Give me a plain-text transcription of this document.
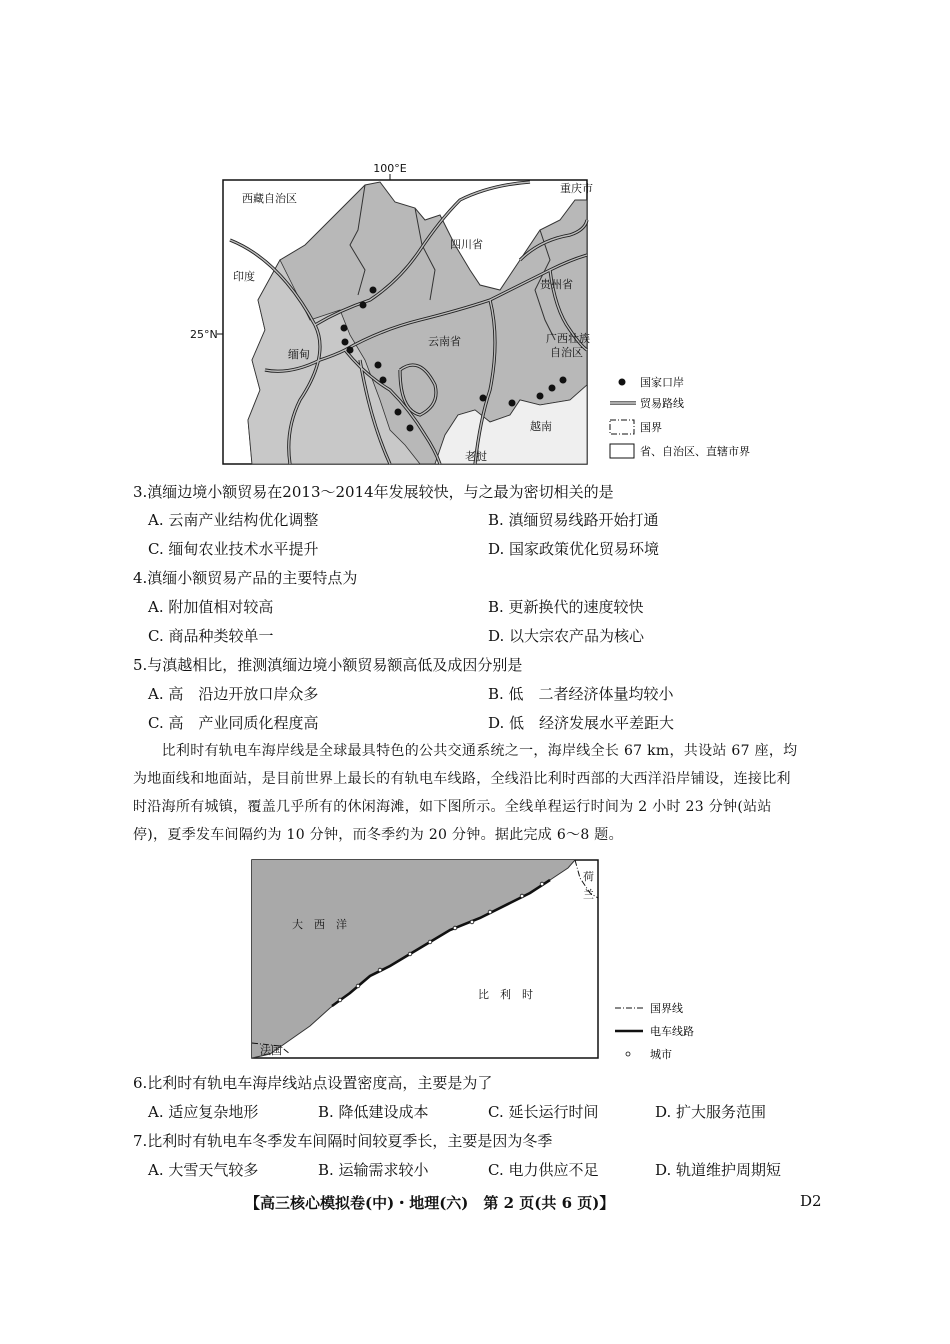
100°E
25°N
西藏自治区
四川省
重庆市
印度
贵州省
缅甸
云南省	广西壮族
自治区
越南
老挝
国家口岸
贸易路线
国界
省、自治区、直辖市界
3.滇缅边境小额贸易在2013～2014年发展较快，与之最为密切相关的是
A. 云南产业结构优化调整	B. 滇缅贸易线路开始打通
C. 缅甸农业技术水平提升	D. 国家政策优化贸易环境
4.滇缅小额贸易产品的主要特点为
A. 附加值相对较高	B. 更新换代的速度较快
C. 商品种类较单一	D. 以大宗农产品为核心
5.与滇越相比，推测滇缅边境小额贸易额高低及成因分别是
A. 高　沿边开放口岸众多	B. 低　二者经济体量均较小
C. 高　产业同质化程度高	D. 低　经济发展水平差距大
　　比利时有轨电车海岸线是全球最具特色的公共交通系统之一，海岸线全长 67 km，共设站 67 座，均
为地面线和地面站，是目前世界上最长的有轨电车线路，全线沿比利时西部的大西洋沿岸铺设，连接比利
时沿海所有城镇，覆盖几乎所有的休闲海滩，如下图所示。全线单程运行时间为 2 小时 23 分钟(站站
停)，夏季发车间隔约为 10 分钟，而冬季约为 20 分钟。据此完成 6～8 题。
大　西　洋
比　利　时
荷
兰
法国
国界线
电车线路
城市
6.比利时有轨电车海岸线站点设置密度高，主要是为了
A. 适应复杂地形	B. 降低建设成本	C. 延长运行时间	D. 扩大服务范围
7.比利时有轨电车冬季发车间隔时间较夏季长，主要是因为冬季
A. 大雪天气较多	B. 运输需求较小	C. 电力供应不足	D. 轨道维护周期短
【高三核心模拟卷(中)・地理(六)　第 2 页(共 6 页)】	D2
